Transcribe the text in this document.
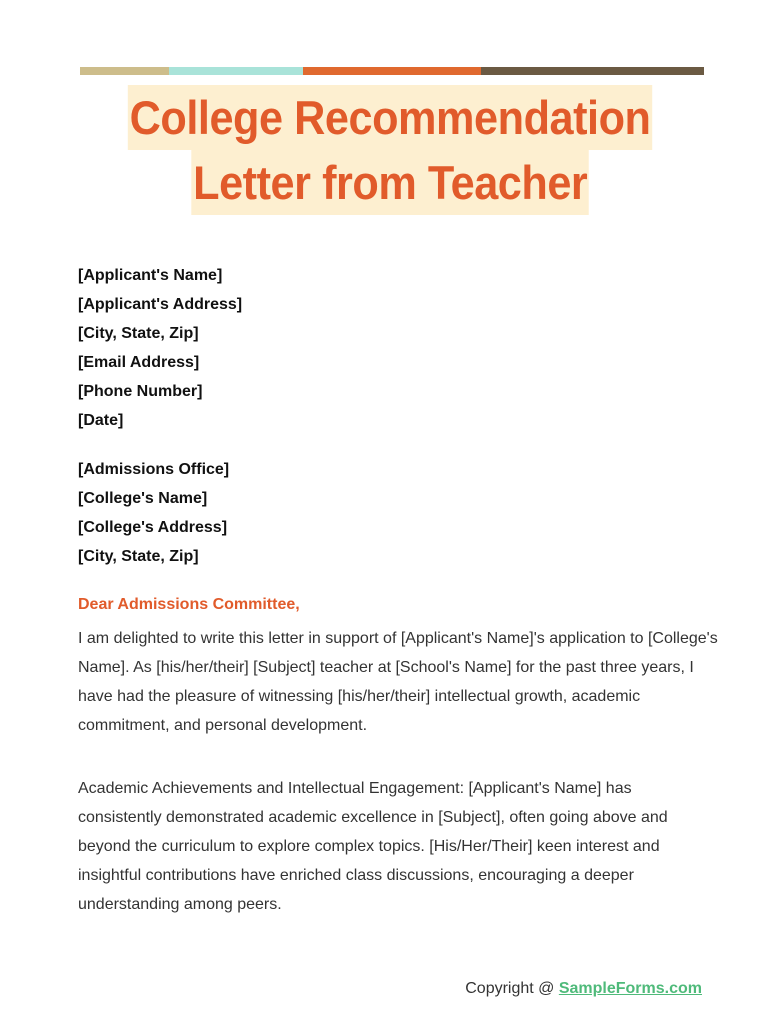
College Recommendation
Letter from Teacher
[Applicant's Name]
[Applicant's Address]
[City, State, Zip]
[Email Address]
[Phone Number]
[Date]
[Admissions Office]
[College's Name]
[College's Address]
[City, State, Zip]
Dear Admissions Committee,

I am delighted to write this letter in support of [Applicant's Name]'s application to [College's Name]. As [his/her/their] [Subject] teacher at [School's Name] for the past three years, I have had the pleasure of witnessing [his/her/their] intellectual growth, academic commitment, and personal development.

Academic Achievements and Intellectual Engagement: [Applicant's Name] has consistently demonstrated academic excellence in [Subject], often going above and beyond the curriculum to explore complex topics. [His/Her/Their] keen interest and insightful contributions have enriched class discussions, encouraging a deeper understanding among peers.

Copyright @ SampleForms.com
